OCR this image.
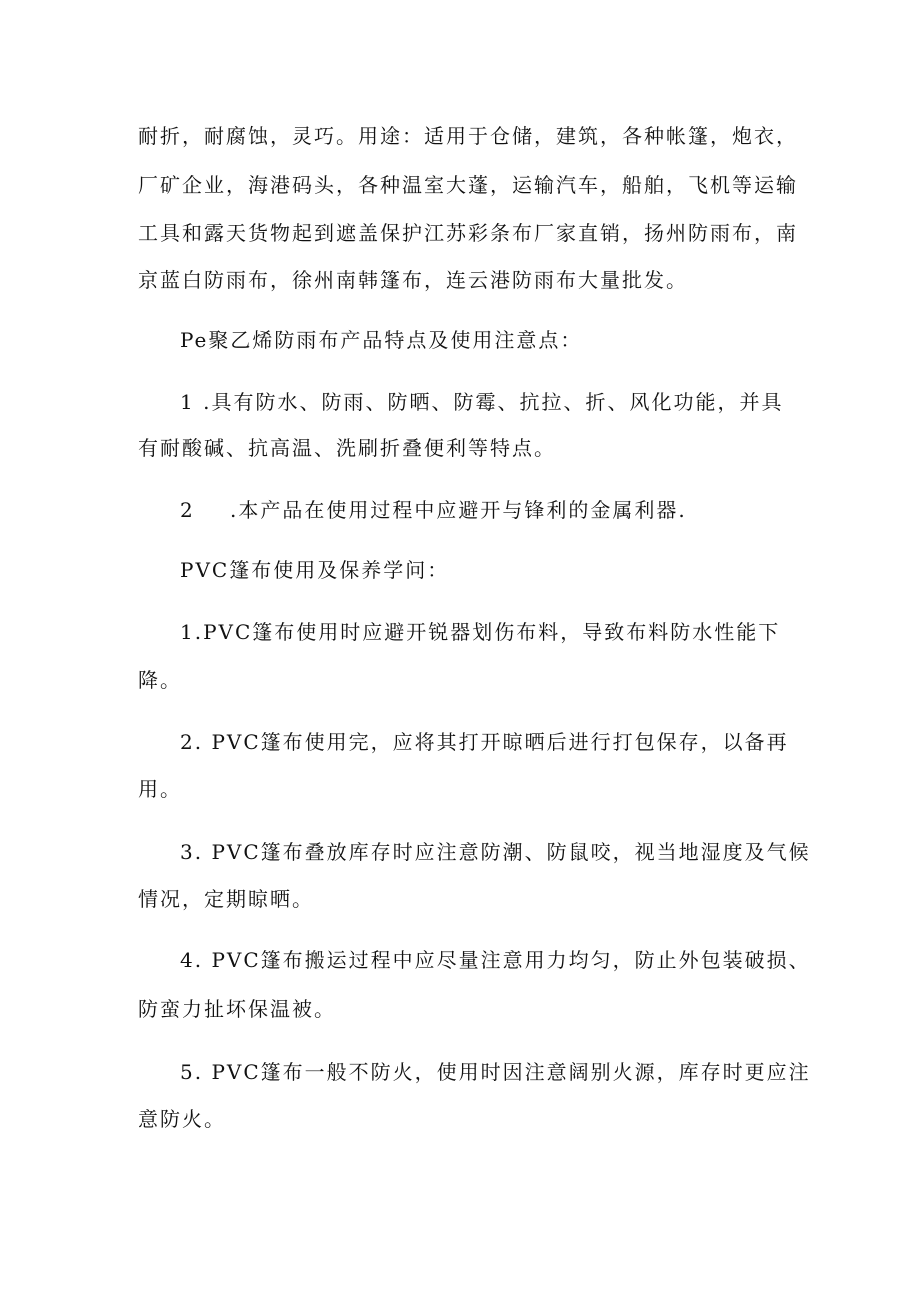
耐折，耐腐蚀，灵巧。用途：适用于仓储，建筑，各种帐篷，炮衣，
厂矿企业，海港码头，各种温室大蓬，运输汽车，船舶，飞机等运输
工具和露天货物起到遮盖保护江苏彩条布厂家直销，扬州防雨布，南
京蓝白防雨布，徐州南韩篷布，连云港防雨布大量批发。
Pe聚乙烯防雨布产品特点及使用注意点：
1 .具有防水、防雨、防晒、防霉、抗拉、折、风化功能，并具
有耐酸碱、抗高温、洗刷折叠便利等特点。
2 .本产品在使用过程中应避开与锋利的金属利器.
PVC篷布使用及保养学问：
1.PVC篷布使用时应避开锐器划伤布料，导致布料防水性能下
降。
2. PVC篷布使用完，应将其打开晾晒后进行打包保存，以备再
用。
3. PVC篷布叠放库存时应注意防潮、防鼠咬，视当地湿度及气候
情况，定期晾晒。
4. PVC篷布搬运过程中应尽量注意用力均匀，防止外包装破损、
防蛮力扯坏保温被。
5. PVC篷布一般不防火，使用时因注意阔别火源，库存时更应注
意防火。
